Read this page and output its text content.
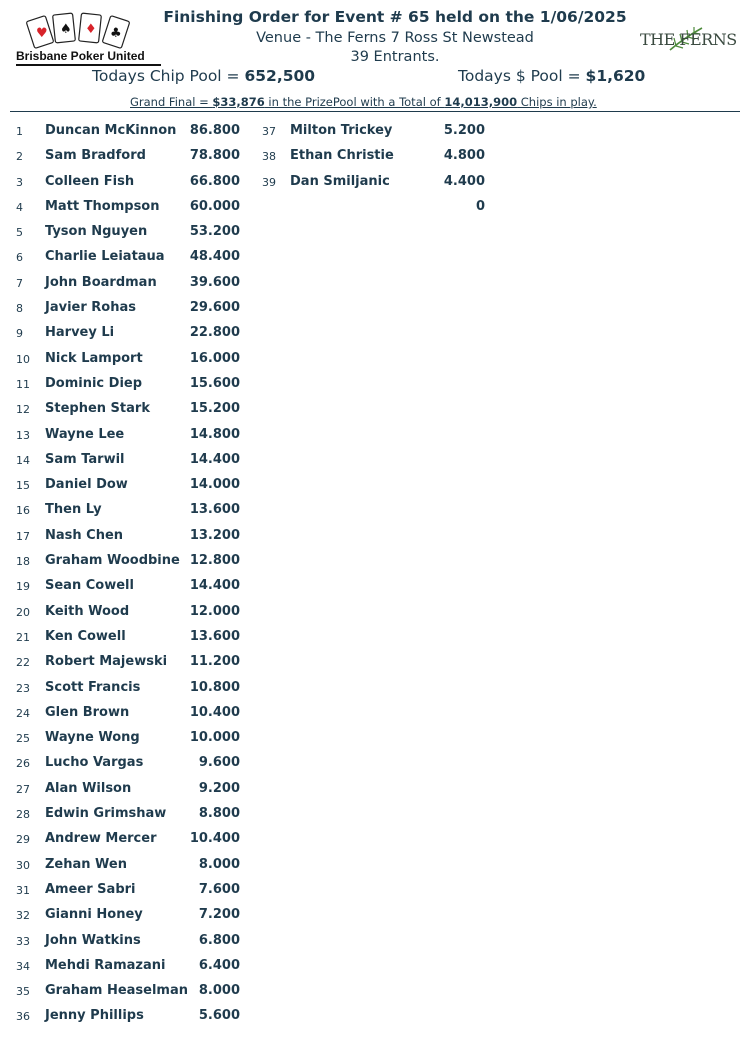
♥ ♠ ♦ ♣
Brisbane Poker United
THE FERNS
Finishing Order for Event # 65 held on the 1/06/2025
Venue - The Ferns 7 Ross St Newstead
39 Entrants.
Todays Chip Pool = 652,500	Todays $ Pool = $1,620
Grand Final = $33,876 in the PrizePool with a Total of 14,013,900 Chips in play.
1 Duncan McKinnon	86.800
2 Sam Bradford	78.800
3 Colleen Fish	66.800
4 Matt Thompson	60.000
5 Tyson Nguyen	53.200
6 Charlie Leiataua	48.400
7 John Boardman	39.600
8 Javier Rohas	29.600
9 Harvey Li	22.800
10 Nick Lamport	16.000
11 Dominic Diep	15.600
12 Stephen Stark	15.200
13 Wayne Lee	14.800
14 Sam Tarwil	14.400
15 Daniel Dow	14.000
16 Then Ly	13.600
17 Nash Chen	13.200
18 Graham Woodbine 12.800
19 Sean Cowell	14.400
20 Keith Wood	12.000
21 Ken Cowell	13.600
22 Robert Majewski	11.200
23 Scott Francis	10.800
24 Glen Brown	10.400
25 Wayne Wong	10.000
26 Lucho Vargas	9.600
27 Alan Wilson	9.200
28 Edwin Grimshaw	8.800
29 Andrew Mercer	10.400
30 Zehan Wen	8.000
31 Ameer Sabri	7.600
32 Gianni Honey	7.200
33 John Watkins	6.800
34 Mehdi Ramazani	6.400
35 Graham Heaselman 8.000
36 Jenny Phillips	5.600
37 Milton Trickey	5.200
38 Ethan Christie	4.800
39 Dan Smiljanic	4.400
0
